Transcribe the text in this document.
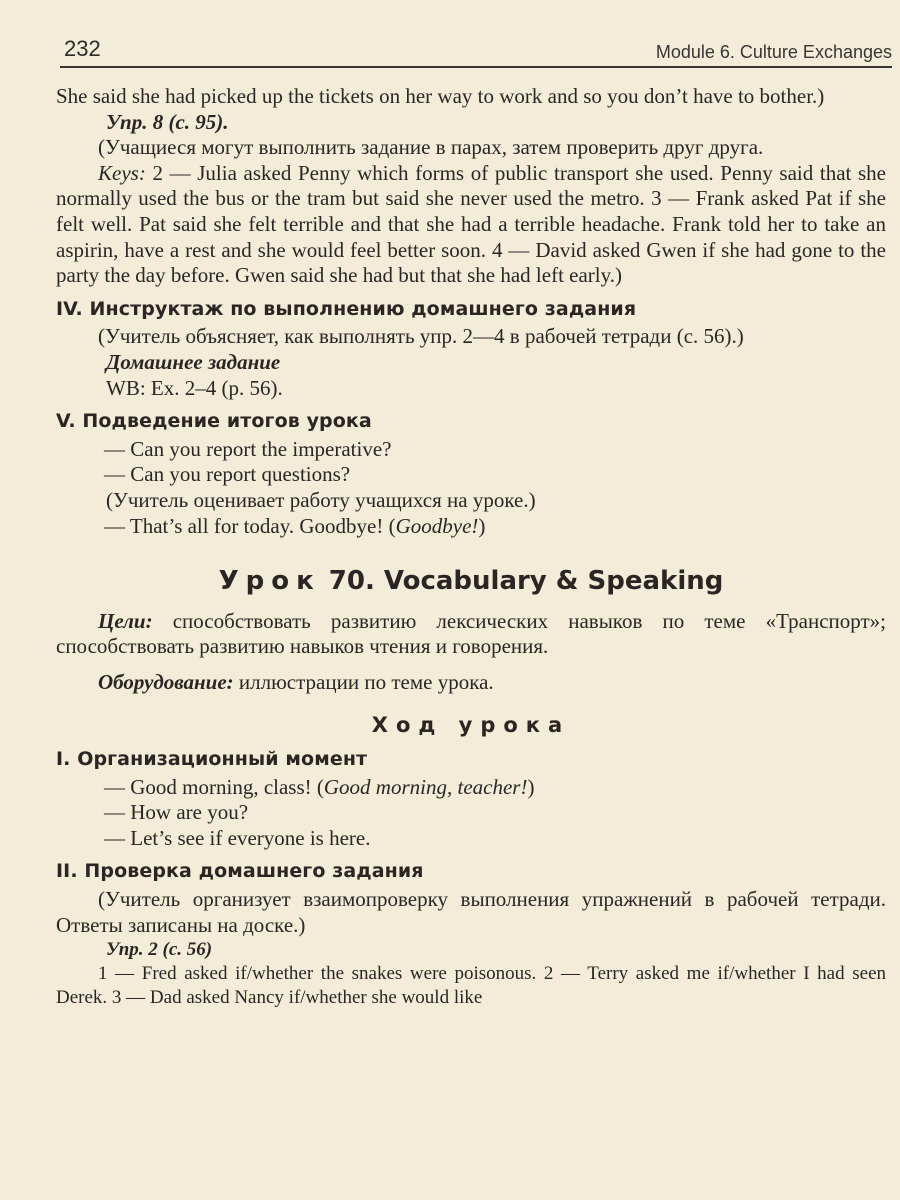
232	Module 6. Culture Exchanges

She said she had picked up the tickets on her way to work and so you don’t have to bother.)

Упр. 8 (с. 95).

(Учащиеся могут выполнить задание в парах, затем проверить друг друга.

Keys: 2 — Julia asked Penny which forms of public transport she used. Penny said that she normally used the bus or the tram but said she never used the metro. 3 — Frank asked Pat if she felt well. Pat said she felt terrible and that she had a terrible headache. Frank told her to take an aspirin, have a rest and she would feel better soon. 4 — David asked Gwen if she had gone to the party the day before. Gwen said she had but that she had left early.)

IV. Инструктаж по выполнению домашнего задания

(Учитель объясняет, как выполнять упр. 2—4 в рабочей тетради (с. 56).)

Домашнее задание

WB: Ex. 2–4 (p. 56).

V. Подведение итогов урока

— Can you report the imperative?

— Can you report questions?

(Учитель оценивает работу учащихся на уроке.)

— That’s all for today. Goodbye! (Goodbye!)

Урок 70. Vocabulary & Speaking

Цели: способствовать развитию лексических навыков по теме «Транспорт»; способствовать развитию навыков чтения и говорения.

Оборудование: иллюстрации по теме урока.

Ход урока
I. Организационный момент

— Good morning, class! (Good morning, teacher!)

— How are you?

— Let’s see if everyone is here.

II. Проверка домашнего задания

(Учитель организует взаимопроверку выполнения упражнений в рабочей тетради. Ответы записаны на доске.)

Упр. 2 (с. 56)

1 — Fred asked if/whether the snakes were poisonous. 2 — Terry asked me if/whether I had seen Derek. 3 — Dad asked Nancy if/whether she would like
